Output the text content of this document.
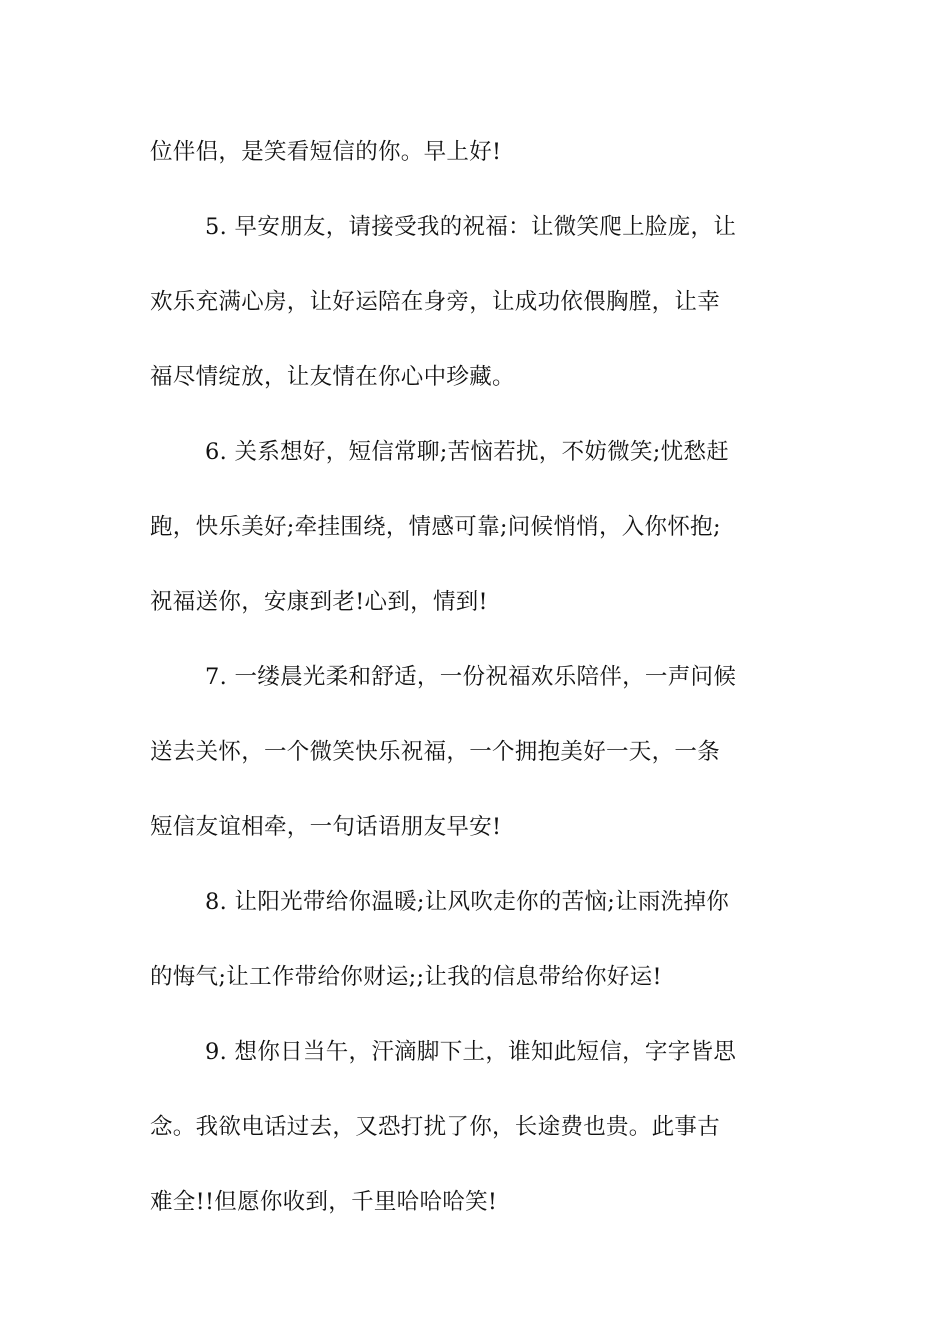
位伴侣，是笑看短信的你。早上好!
5. 早安朋友，请接受我的祝福：让微笑爬上脸庞，让
欢乐充满心房，让好运陪在身旁，让成功依偎胸膛，让幸
福尽情绽放，让友情在你心中珍藏。
6. 关系想好，短信常聊;苦恼若扰，不妨微笑;忧愁赶
跑，快乐美好;牵挂围绕，情感可靠;问候悄悄，入你怀抱;
祝福送你，安康到老!心到，情到!
7. 一缕晨光柔和舒适，一份祝福欢乐陪伴，一声问候
送去关怀，一个微笑快乐祝福，一个拥抱美好一天，一条
短信友谊相牵，一句话语朋友早安!
8. 让阳光带给你温暖;让风吹走你的苦恼;让雨洗掉你
的悔气;让工作带给你财运;;让我的信息带给你好运!
9. 想你日当午，汗滴脚下土，谁知此短信，字字皆思
念。我欲电话过去，又恐打扰了你，长途费也贵。此事古
难全!!但愿你收到，千里哈哈哈笑!
